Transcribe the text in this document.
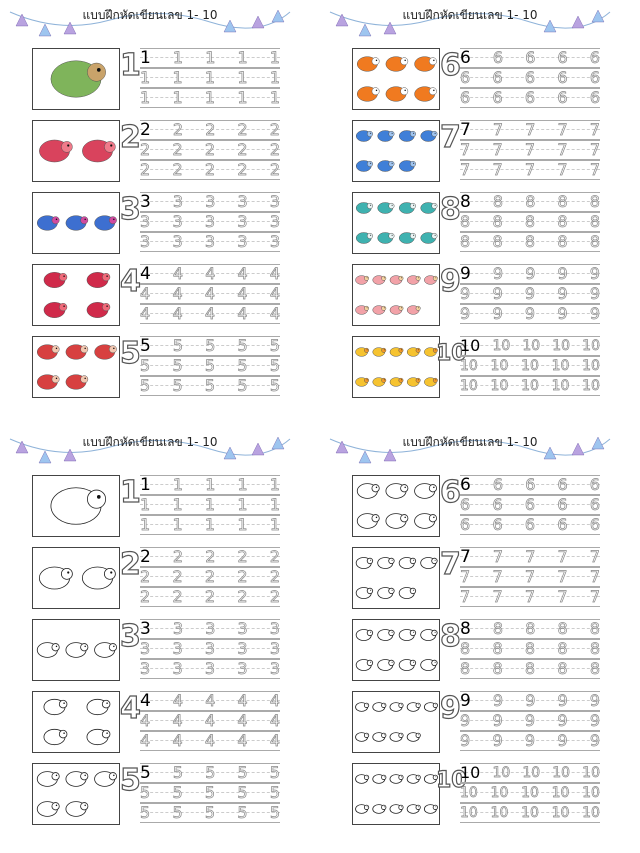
แบบฝึกหัดเขียนเลข 1- 10
1 1 1 1 1 1
1 1 1 1 1
1 1 1 1 1
2 2 2 2 2 2
2 2 2 2 2
2 2 2 2 2
3 3 3 3 3 3
3 3 3 3 3
3 3 3 3 3
4 4 4 4 4 4
4 4 4 4 4
4 4 4 4 4
5 5 5 5 5 5
5 5 5 5 5
5 5 5 5 5
แบบฝึกหัดเขียนเลข 1- 10
6 6 6 6 6 6
6 6 6 6 6
6 6 6 6 6
7 7 7 7 7 7
7 7 7 7 7
7 7 7 7 7
8 8 8 8 8 8
8 8 8 8 8
8 8 8 8 8
9 9 9 9 9 9
9 9 9 9 9
9 9 9 9 9
10
10 10 10 10 10
10 10 10 10 10
10 10 10 10 10
แบบฝึกหัดเขียนเลข 1- 10
1 1 1 1 1 1
1 1 1 1 1
1 1 1 1 1
2 2 2 2 2 2
2 2 2 2 2
2 2 2 2 2
3 3 3 3 3 3
3 3 3 3 3
3 3 3 3 3
4 4 4 4 4 4
4 4 4 4 4
4 4 4 4 4
5 5 5 5 5 5
5 5 5 5 5
5 5 5 5 5
แบบฝึกหัดเขียนเลข 1- 10
6 6 6 6 6 6
6 6 6 6 6
6 6 6 6 6
7 7 7 7 7 7
7 7 7 7 7
7 7 7 7 7
8 8 8 8 8 8
8 8 8 8 8
8 8 8 8 8
9 9 9 9 9 9
9 9 9 9 9
9 9 9 9 9
10
10 10 10 10 10
10 10 10 10 10
10 10 10 10 10
